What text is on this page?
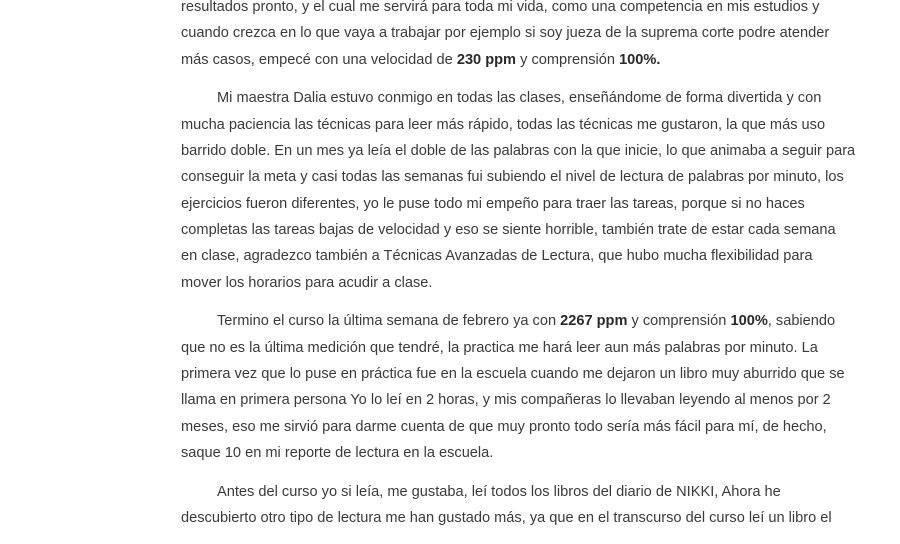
resultados pronto, y el cual me servirá para toda mi vida, como una competencia en mis estudios y
cuando crezca en lo que vaya a trabajar por ejemplo si soy jueza de la suprema corte podre atender
más casos, empecé con una velocidad de 230 ppm y comprensión 100%.
Mi maestra Dalia estuvo conmigo en todas las clases, enseñándome de forma divertida y con
mucha paciencia las técnicas para leer más rápido, todas las técnicas me gustaron, la que más uso
barrido doble. En un mes ya leía el doble de las palabras con la que inicie, lo que animaba a seguir para
conseguir la meta y casi todas las semanas fui subiendo el nivel de lectura de palabras por minuto, los
ejercicios fueron diferentes, yo le puse todo mi empeño para traer las tareas, porque si no haces
completas las tareas bajas de velocidad y eso se siente horrible, también trate de estar cada semana
en clase, agradezco también a Técnicas Avanzadas de Lectura, que hubo mucha flexibilidad para
mover los horarios para acudir a clase.
Termino el curso la última semana de febrero ya con 2267 ppm y comprensión 100%, sabiendo
que no es la última medición que tendré, la practica me hará leer aun más palabras por minuto. La
primera vez que lo puse en práctica fue en la escuela cuando me dejaron un libro muy aburrido que se
llama en primera persona Yo lo leí en 2 horas, y mis compañeras lo llevaban leyendo al menos por 2
meses, eso me sirvió para darme cuenta de que muy pronto todo sería más fácil para mí, de hecho,
saque 10 en mi reporte de lectura en la escuela.
Antes del curso yo si leía, me gustaba, leí todos los libros del diario de NIKKI, Ahora he
descubierto otro tipo de lectura me han gustado más, ya que en el transcurso del curso leí un libro el
